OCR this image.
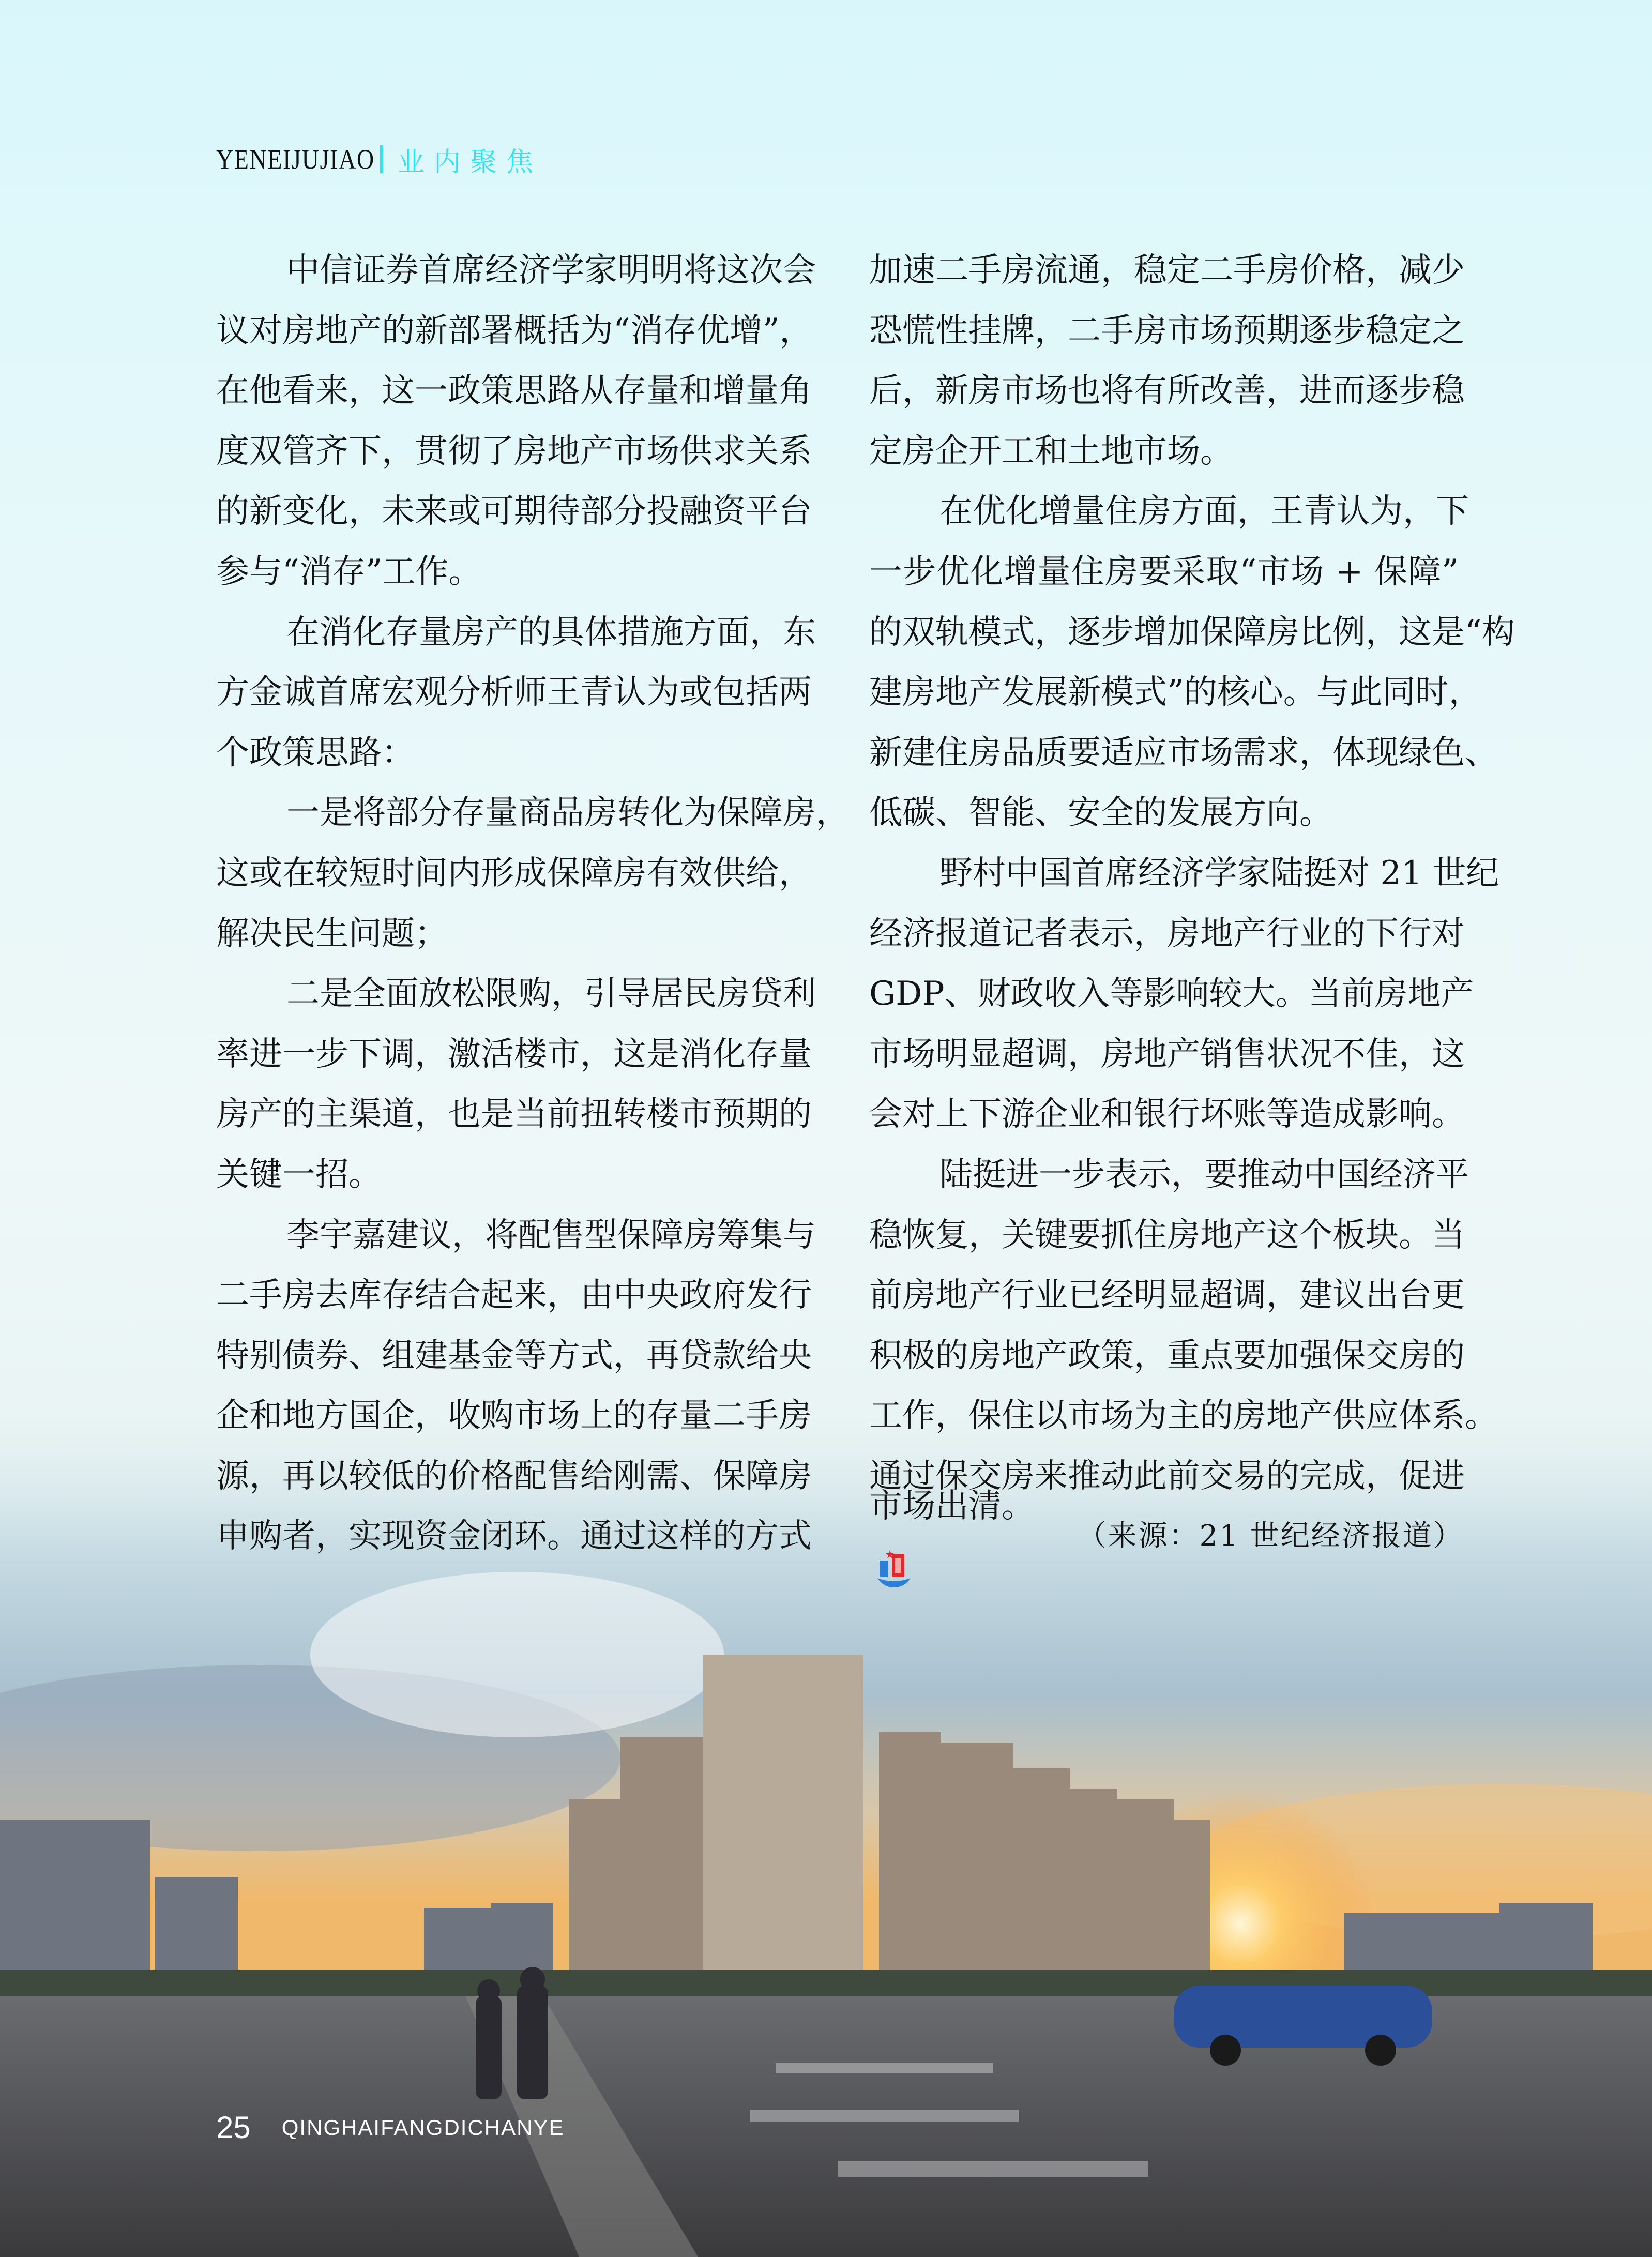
YENEIJUJIAO 业内聚焦
中信证券首席经济学家明明将这次会
议对房地产的新部署概括为“消存优增”，
在他看来，这一政策思路从存量和增量角
度双管齐下，贯彻了房地产市场供求关系
的新变化，未来或可期待部分投融资平台
参与“消存”工作。
在消化存量房产的具体措施方面，东
方金诚首席宏观分析师王青认为或包括两
个政策思路：
一是将部分存量商品房转化为保障房，
这或在较短时间内形成保障房有效供给，
解决民生问题；
二是全面放松限购，引导居民房贷利
率进一步下调，激活楼市，这是消化存量
房产的主渠道，也是当前扭转楼市预期的
关键一招。
李宇嘉建议，将配售型保障房筹集与
二手房去库存结合起来，由中央政府发行
特别债券、组建基金等方式，再贷款给央
企和地方国企，收购市场上的存量二手房
源，再以较低的价格配售给刚需、保障房
申购者，实现资金闭环。通过这样的方式
加速二手房流通，稳定二手房价格，减少
恐慌性挂牌，二手房市场预期逐步稳定之
后，新房市场也将有所改善，进而逐步稳
定房企开工和土地市场。
在优化增量住房方面，王青认为，下
一步优化增量住房要采取“市场 + 保障”
的双轨模式，逐步增加保障房比例，这是“构
建房地产发展新模式”的核心。与此同时，
新建住房品质要适应市场需求，体现绿色、
低碳、智能、安全的发展方向。
野村中国首席经济学家陆挺对 21 世纪
经济报道记者表示，房地产行业的下行对
GDP、财政收入等影响较大。当前房地产
市场明显超调，房地产销售状况不佳，这
会对上下游企业和银行坏账等造成影响。
陆挺进一步表示，要推动中国经济平
稳恢复，关键要抓住房地产这个板块。当
前房地产行业已经明显超调，建议出台更
积极的房地产政策，重点要加强保交房的
工作，保住以市场为主的房地产供应体系。
通过保交房来推动此前交易的完成，促进
市场出清。
（来源：21 世纪经济报道）
25 QINGHAIFANGDICHANYE
